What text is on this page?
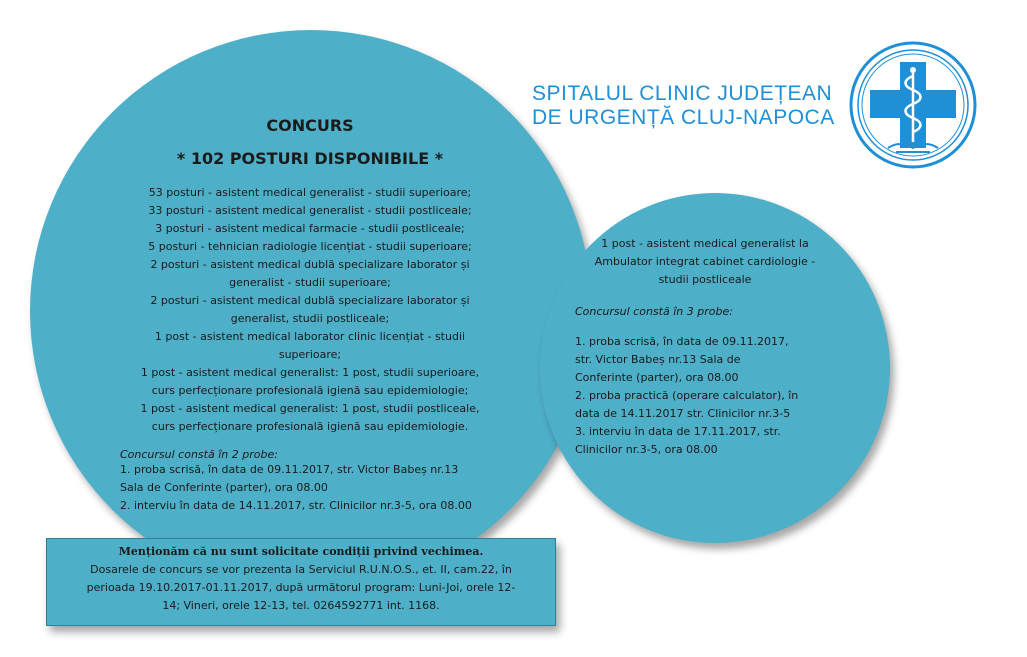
CONCURS

* 102 POSTURI DISPONIBILE *

53 posturi - asistent medical generalist - studii superioare;
33 posturi - asistent medical generalist - studii postliceale;
3 posturi - asistent medical farmacie - studii postliceale;
5 posturi - tehnician radiologie licențiat - studii superioare;
2 posturi - asistent medical dublă specializare laborator și
generalist - studii superioare;
2 posturi - asistent medical dublă specializare laborator și
generalist, studii postliceale;
1 post - asistent medical laborator clinic licențiat - studii
superioare;
1 post - asistent medical generalist: 1 post, studii superioare,
curs perfecționare profesională igienă sau epidemiologie;
1 post - asistent medical generalist: 1 post, studii postliceale,
curs perfecționare profesională igienă sau epidemiologie.
Concursul constă în 2 probe:
1. proba scrisă, în data de 09.11.2017, str. Victor Babeș nr.13
Sala de Conferinte (parter), ora 08.00
2. interviu în data de 14.11.2017, str. Clinicilor nr.3-5, ora 08.00
1 post - asistent medical generalist la
Ambulator integrat cabinet cardiologie -
studii postliceale
Concursul constă în 3 probe:
1. proba scrisă, în data de 09.11.2017,
str. Victor Babeș nr.13 Sala de
Conferinte (parter), ora 08.00
2. proba practică (operare calculator), în
data de 14.11.2017 str. Clinicilor nr.3-5
3. interviu în data de 17.11.2017, str.
Clinicilor nr.3-5, ora 08.00
Menționăm că nu sunt solicitate condiții privind vechimea.
Dosarele de concurs se vor prezenta la Serviciul R.U.N.O.S., et. II, cam.22, în
perioada 19.10.2017-01.11.2017, după următorul program: Luni-Joi, orele 12-
14; Vineri, orele 12-13, tel. 0264592771 int. 1168.
SPITALUL CLINIC JUDEȚEAN
DE URGENȚĂ CLUJ-NAPOCA
